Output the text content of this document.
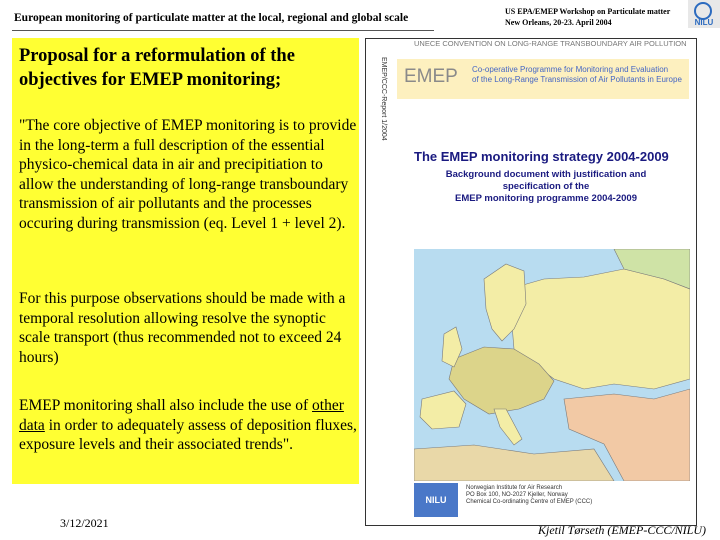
European monitoring of particulate matter at the local, regional and global scale
US EPA/EMEP Workshop on Particulate matter
New Orleans, 20-23. April 2004	NILU
Proposal for a reformulation of the objectives for EMEP monitoring;
"The core objective of EMEP monitoring is to provide in the long-term a full description of the essential physico-chemical data in air and precipitiation to allow the understanding of long-range transboundary transmission of air pollutants and the processes occuring during transmission (eq. Level 1 + level 2).
For this purpose observations should be made with a temporal resolution allowing resolve the synoptic scale transport (thus recommended not to exceed 24 hours)
EMEP monitoring shall also include the use of other data in order to adequately assess of deposition fluxes, exposure levels and their associated trends".
EMEP/CCC-Report 1/2004
UNECE CONVENTION ON LONG-RANGE TRANSBOUNDARY AIR POLLUTION
EMEP Co-operative Programme for Monitoring and Evaluation
of the Long-Range Transmission of Air Pollutants in Europe
The EMEP monitoring strategy 2004-2009
Background document with justification and
specification of the
EMEP monitoring programme 2004-2009
NILU
Norwegian Institute for Air Research
PO Box 100, NO-2027 Kjeller, Norway
Chemical Co-ordinating Centre of EMEP (CCC)
3/12/2021	Kjetil Tørseth (EMEP-CCC/NILU)
